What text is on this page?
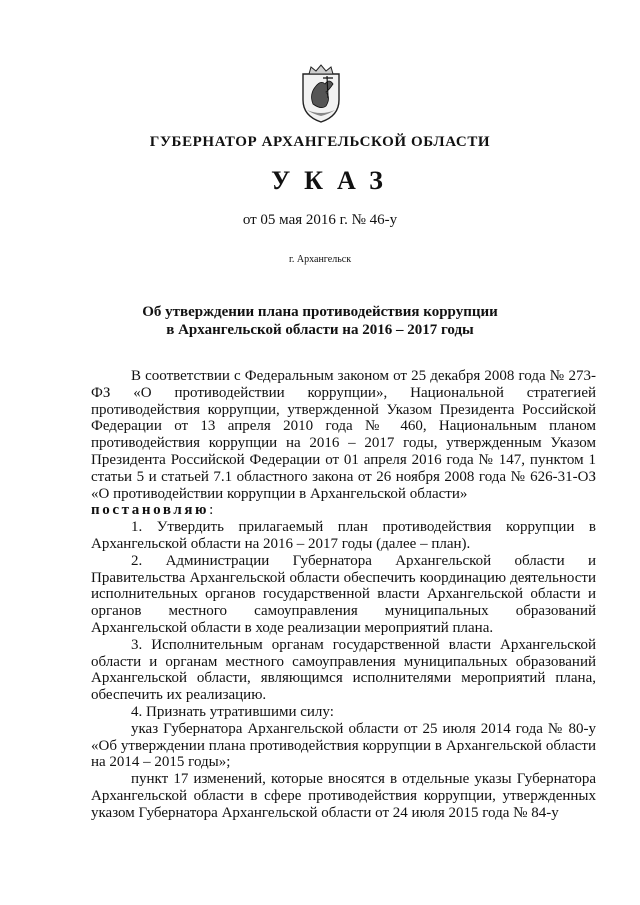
ГУБЕРНАТОР АРХАНГЕЛЬСКОЙ ОБЛАСТИ
УКАЗ
от 05 мая 2016 г. № 46-у
г. Архангельск
Об утверждении плана противодействия коррупции
в Архангельской области на 2016 – 2017 годы

В соответствии с Федеральным законом от 25 декабря 2008 года № 273-ФЗ «О противодействии коррупции», Национальной стратегией противодействия коррупции, утвержденной Указом Президента Российской Федерации от 13 апреля 2010 года № 460, Национальным планом противодействия коррупции на 2016 – 2017 годы, утвержденным Указом Президента Российской Федерации от 01 апреля 2016 года № 147, пунктом 1 статьи 5 и статьей 7.1 областного закона от 26 ноября 2008 года № 626-31-ОЗ «О противодействии коррупции в Архангельской области»

постановляю:

1. Утвердить прилагаемый план противодействия коррупции в Архангельской области на 2016 – 2017 годы (далее – план).

2. Администрации Губернатора Архангельской области и Правительства Архангельской области обеспечить координацию деятельности исполнительных органов государственной власти Архангельской области и органов местного самоуправления муниципальных образований Архангельской области в ходе реализации мероприятий плана.

3. Исполнительным органам государственной власти Архангельской области и органам местного самоуправления муниципальных образований Архангельской области, являющимся исполнителями мероприятий плана, обеспечить их реализацию.

4. Признать утратившими силу:

указ Губернатора Архангельской области от 25 июля 2014 года № 80-у «Об утверждении плана противодействия коррупции в Архангельской области на 2014 – 2015 годы»;

пункт 17 изменений, которые вносятся в отдельные указы Губернатора Архангельской области в сфере противодействия коррупции, утвержденных указом Губернатора Архангельской области от 24 июля 2015 года № 84-у
